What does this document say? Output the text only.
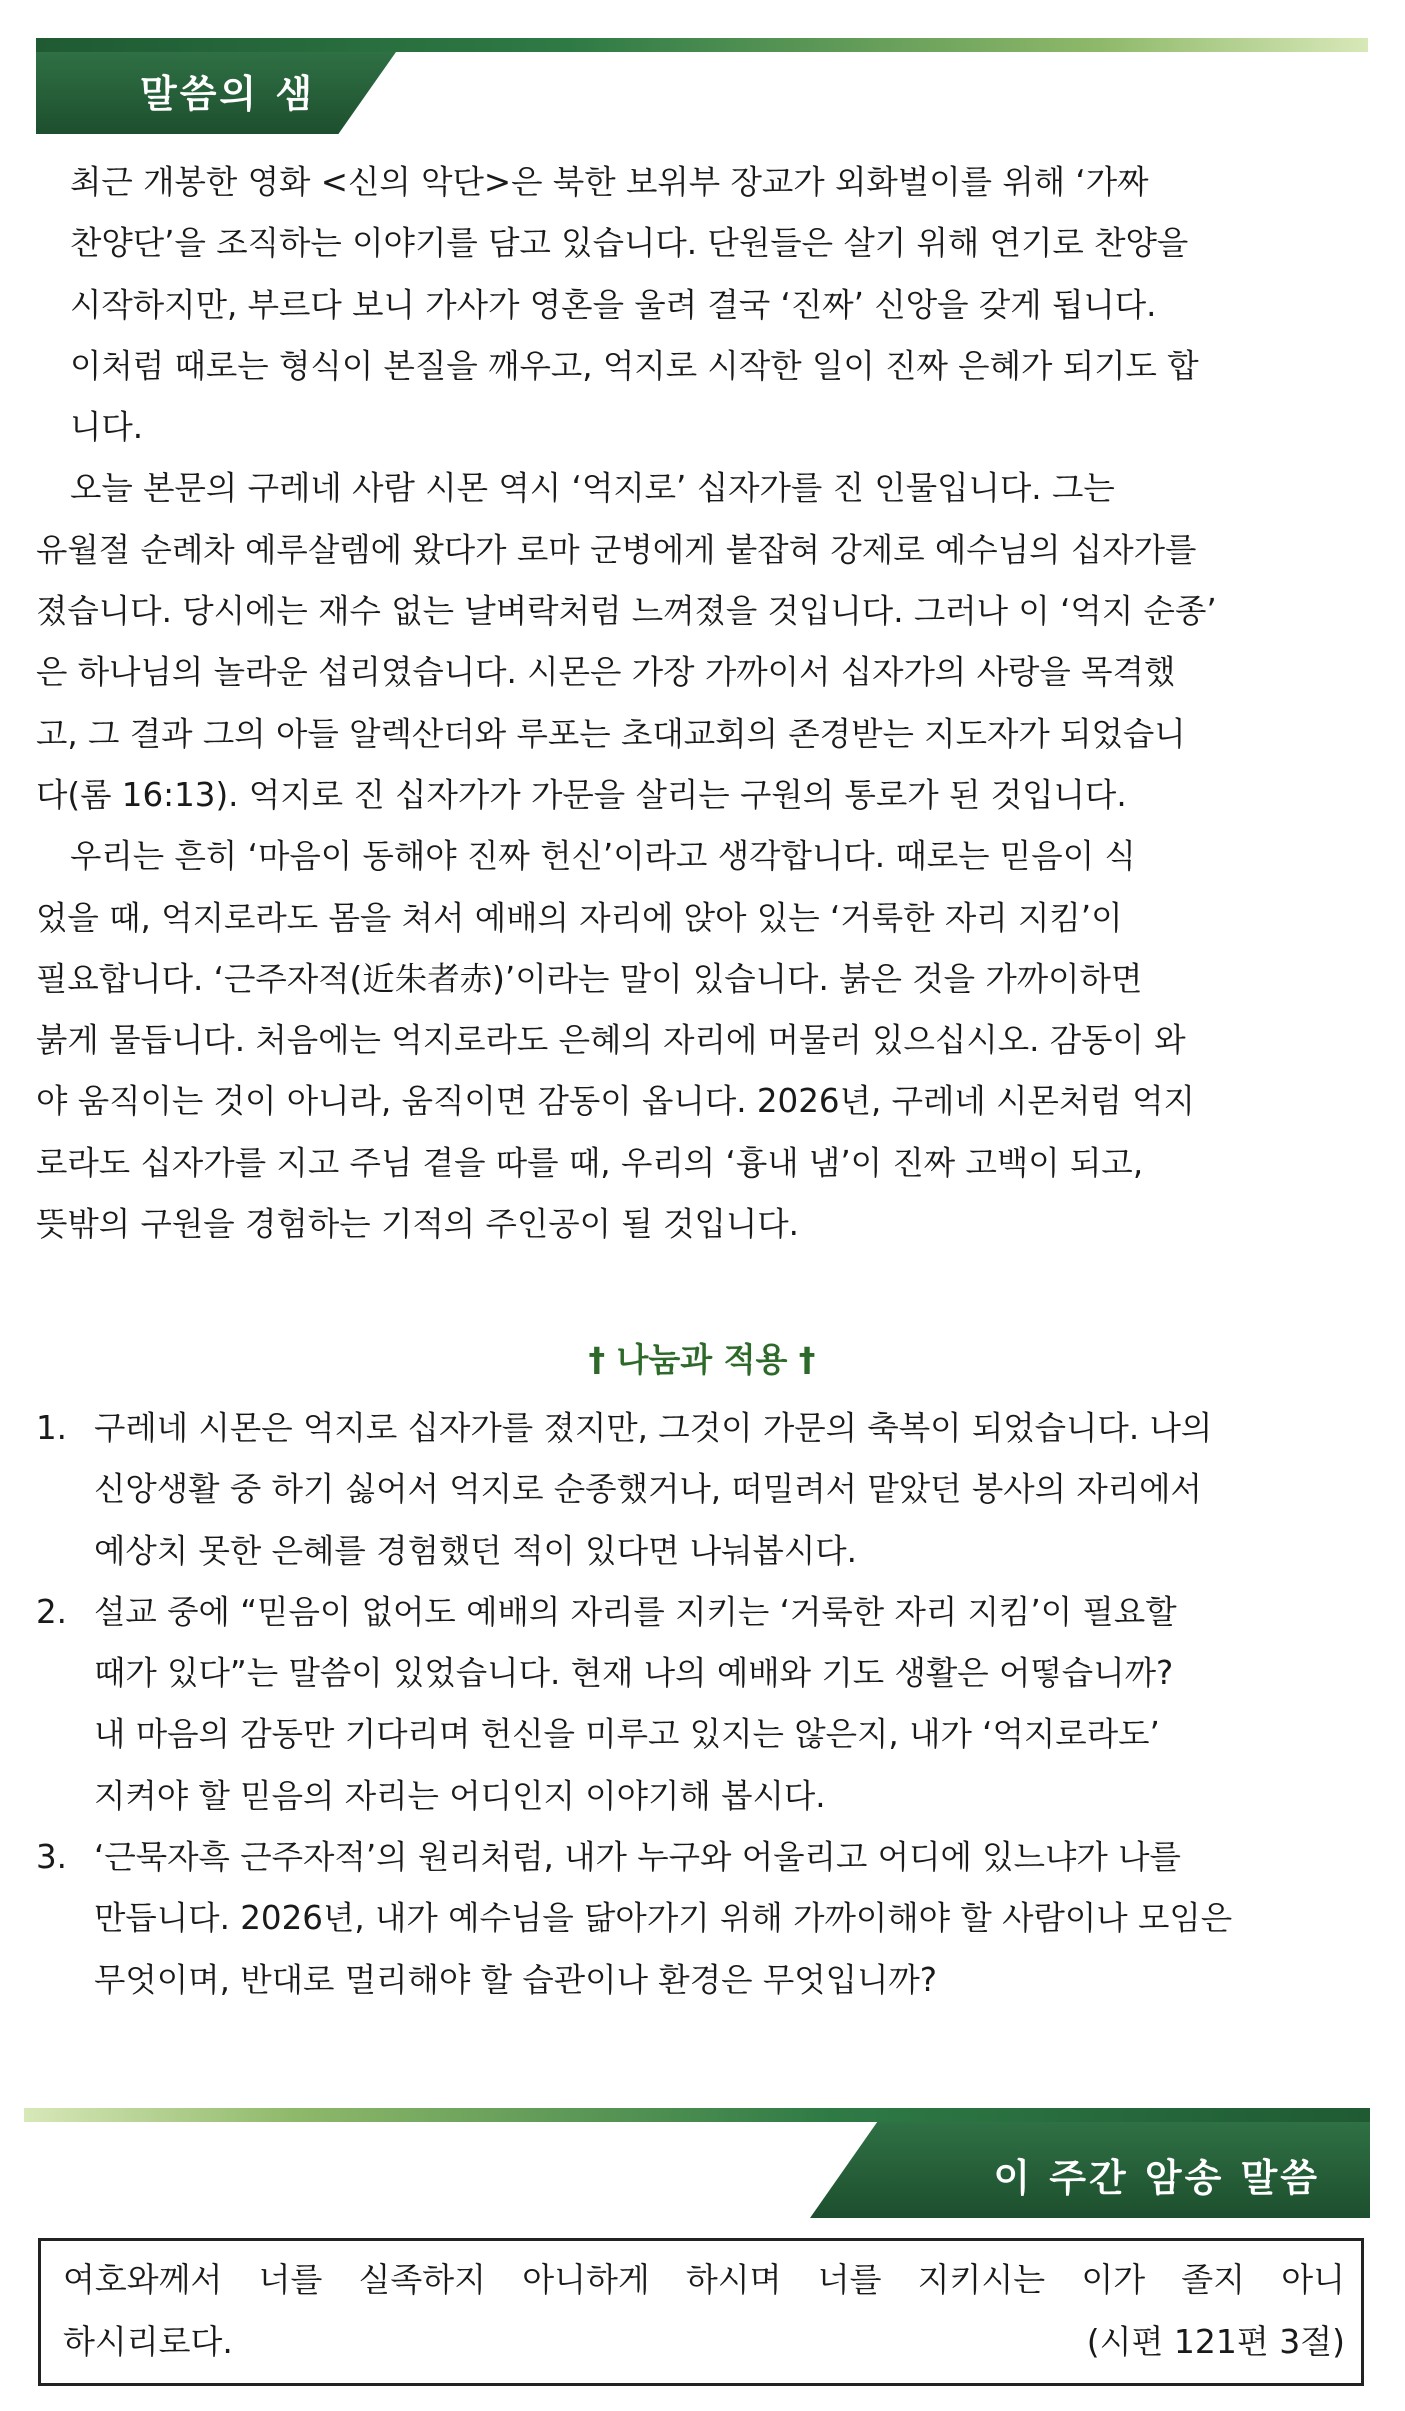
말씀의 샘

최근 개봉한 영화 <신의 악단>은 북한 보위부 장교가 외화벌이를 위해 ‘가짜
찬양단’을 조직하는 이야기를 담고 있습니다. 단원들은 살기 위해 연기로 찬양을
시작하지만, 부르다 보니 가사가 영혼을 울려 결국 ‘진짜’ 신앙을 갖게 됩니다.
이처럼 때로는 형식이 본질을 깨우고, 억지로 시작한 일이 진짜 은혜가 되기도 합
니다.

오늘 본문의 구레네 사람 시몬 역시 ‘억지로’ 십자가를 진 인물입니다. 그는
유월절 순례차 예루살렘에 왔다가 로마 군병에게 붙잡혀 강제로 예수님의 십자가를
졌습니다. 당시에는 재수 없는 날벼락처럼 느껴졌을 것입니다. 그러나 이 ‘억지 순종’
은 하나님의 놀라운 섭리였습니다. 시몬은 가장 가까이서 십자가의 사랑을 목격했
고, 그 결과 그의 아들 알렉산더와 루포는 초대교회의 존경받는 지도자가 되었습니
다(롬 16:13). 억지로 진 십자가가 가문을 살리는 구원의 통로가 된 것입니다.

우리는 흔히 ‘마음이 동해야 진짜 헌신’이라고 생각합니다. 때로는 믿음이 식
었을 때, 억지로라도 몸을 쳐서 예배의 자리에 앉아 있는 ‘거룩한 자리 지킴’이
필요합니다. ‘근주자적(近朱者赤)’이라는 말이 있습니다. 붉은 것을 가까이하면
붉게 물듭니다. 처음에는 억지로라도 은혜의 자리에 머물러 있으십시오. 감동이 와
야 움직이는 것이 아니라, 움직이면 감동이 옵니다. 2026년, 구레네 시몬처럼 억지
로라도 십자가를 지고 주님 곁을 따를 때, 우리의 ‘흉내 냄’이 진짜 고백이 되고,
뜻밖의 구원을 경험하는 기적의 주인공이 될 것입니다.

† 나눔과 적용 †
1. 구레네 시몬은 억지로 십자가를 졌지만, 그것이 가문의 축복이 되었습니다. 나의
신앙생활 중 하기 싫어서 억지로 순종했거나, 떠밀려서 맡았던 봉사의 자리에서
예상치 못한 은혜를 경험했던 적이 있다면 나눠봅시다.
2. 설교 중에 “믿음이 없어도 예배의 자리를 지키는 ‘거룩한 자리 지킴’이 필요할
때가 있다”는 말씀이 있었습니다. 현재 나의 예배와 기도 생활은 어떻습니까?
내 마음의 감동만 기다리며 헌신을 미루고 있지는 않은지, 내가 ‘억지로라도’
지켜야 할 믿음의 자리는 어디인지 이야기해 봅시다.
3. ‘근묵자흑 근주자적’의 원리처럼, 내가 누구와 어울리고 어디에 있느냐가 나를
만듭니다. 2026년, 내가 예수님을 닮아가기 위해 가까이해야 할 사람이나 모임은
무엇이며, 반대로 멀리해야 할 습관이나 환경은 무엇입니까?
이 주간 암송 말씀
여호와께서 너를 실족하지 아니하게 하시며 너를 지키시는 이가 졸지 아니
하시리로다.	(시편 121편 3절)
